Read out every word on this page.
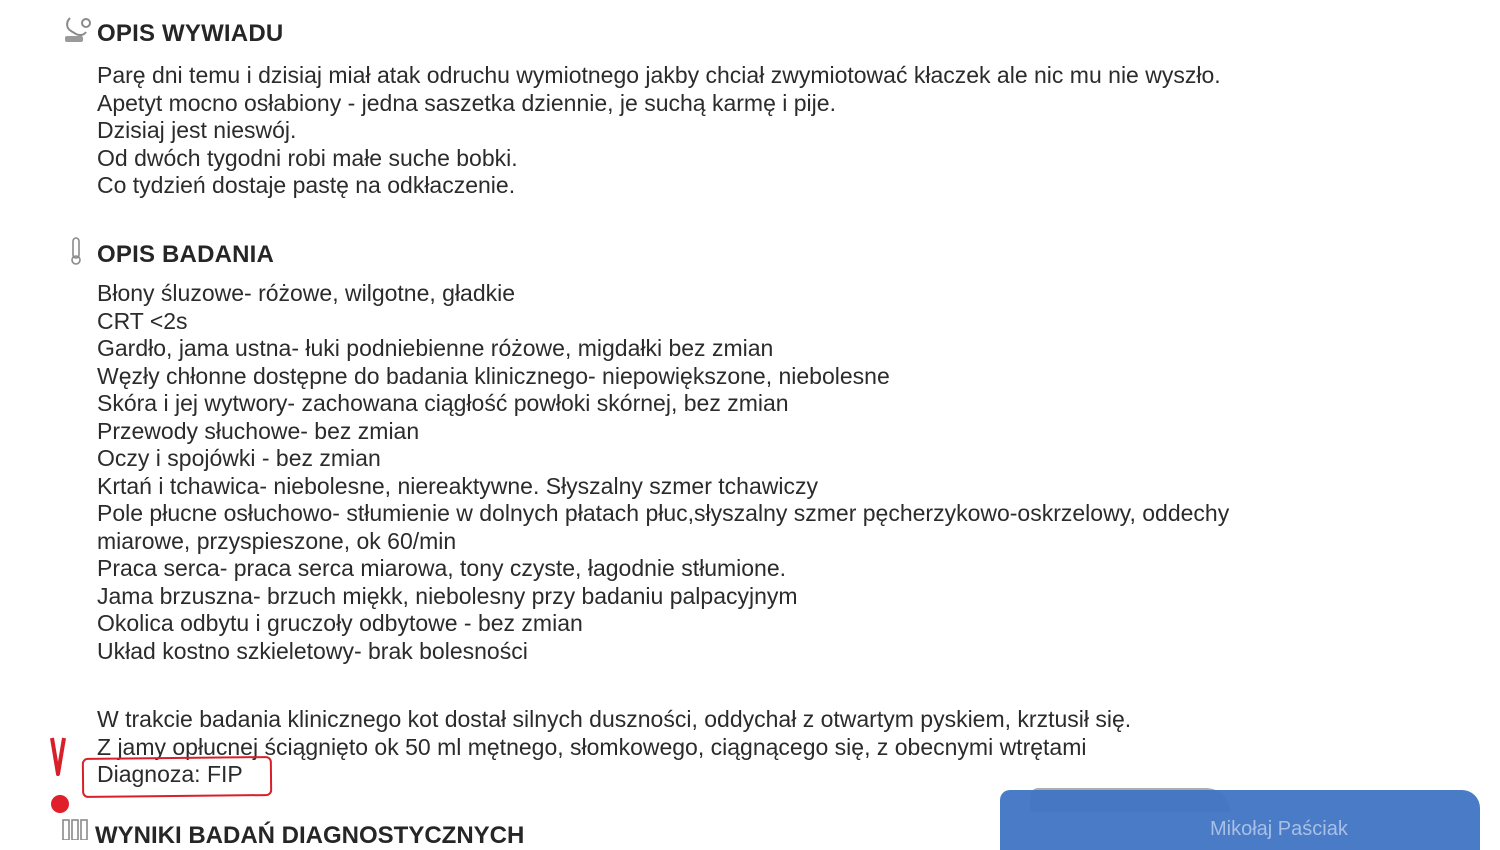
OPIS WYWIADU
Parę dni temu i dzisiaj miał atak odruchu wymiotnego jakby chciał zwymiotować kłaczek ale nic mu nie wyszło.
Apetyt mocno osłabiony - jedna saszetka dziennie, je suchą karmę i pije.
Dzisiaj jest nieswój.
Od dwóch tygodni robi małe suche bobki.
Co tydzień dostaje pastę na odkłaczenie.
OPIS BADANIA
Błony śluzowe- różowe, wilgotne, gładkie
CRT <2s
Gardło, jama ustna- łuki podniebienne różowe, migdałki bez zmian
Węzły chłonne dostępne do badania klinicznego- niepowiększone, niebolesne
Skóra i jej wytwory- zachowana ciągłość powłoki skórnej, bez zmian
Przewody słuchowe- bez zmian
Oczy i spojówki - bez zmian
Krtań i tchawica- niebolesne, niereaktywne. Słyszalny szmer tchawiczy
Pole płucne osłuchowo- stłumienie w dolnych płatach płuc,słyszalny szmer pęcherzykowo-oskrzelowy, oddechy
miarowe, przyspieszone, ok 60/min
Praca serca- praca serca miarowa, tony czyste, łagodnie stłumione.
Jama brzuszna- brzuch miękk, niebolesny przy badaniu palpacyjnym
Okolica odbytu i gruczoły odbytowe - bez zmian
Układ kostno szkieletowy- brak bolesności
W trakcie badania klinicznego kot dostał silnych duszności, oddychał z otwartym pyskiem, krztusił się.
Z jamy opłucnej ściągnięto ok 50 ml mętnego, słomkowego, ciągnącego się, z obecnymi wtrętami
Diagnoza: FIP
WYNIKI BADAŃ DIAGNOSTYCZNYCH	Mikołaj Paściak
